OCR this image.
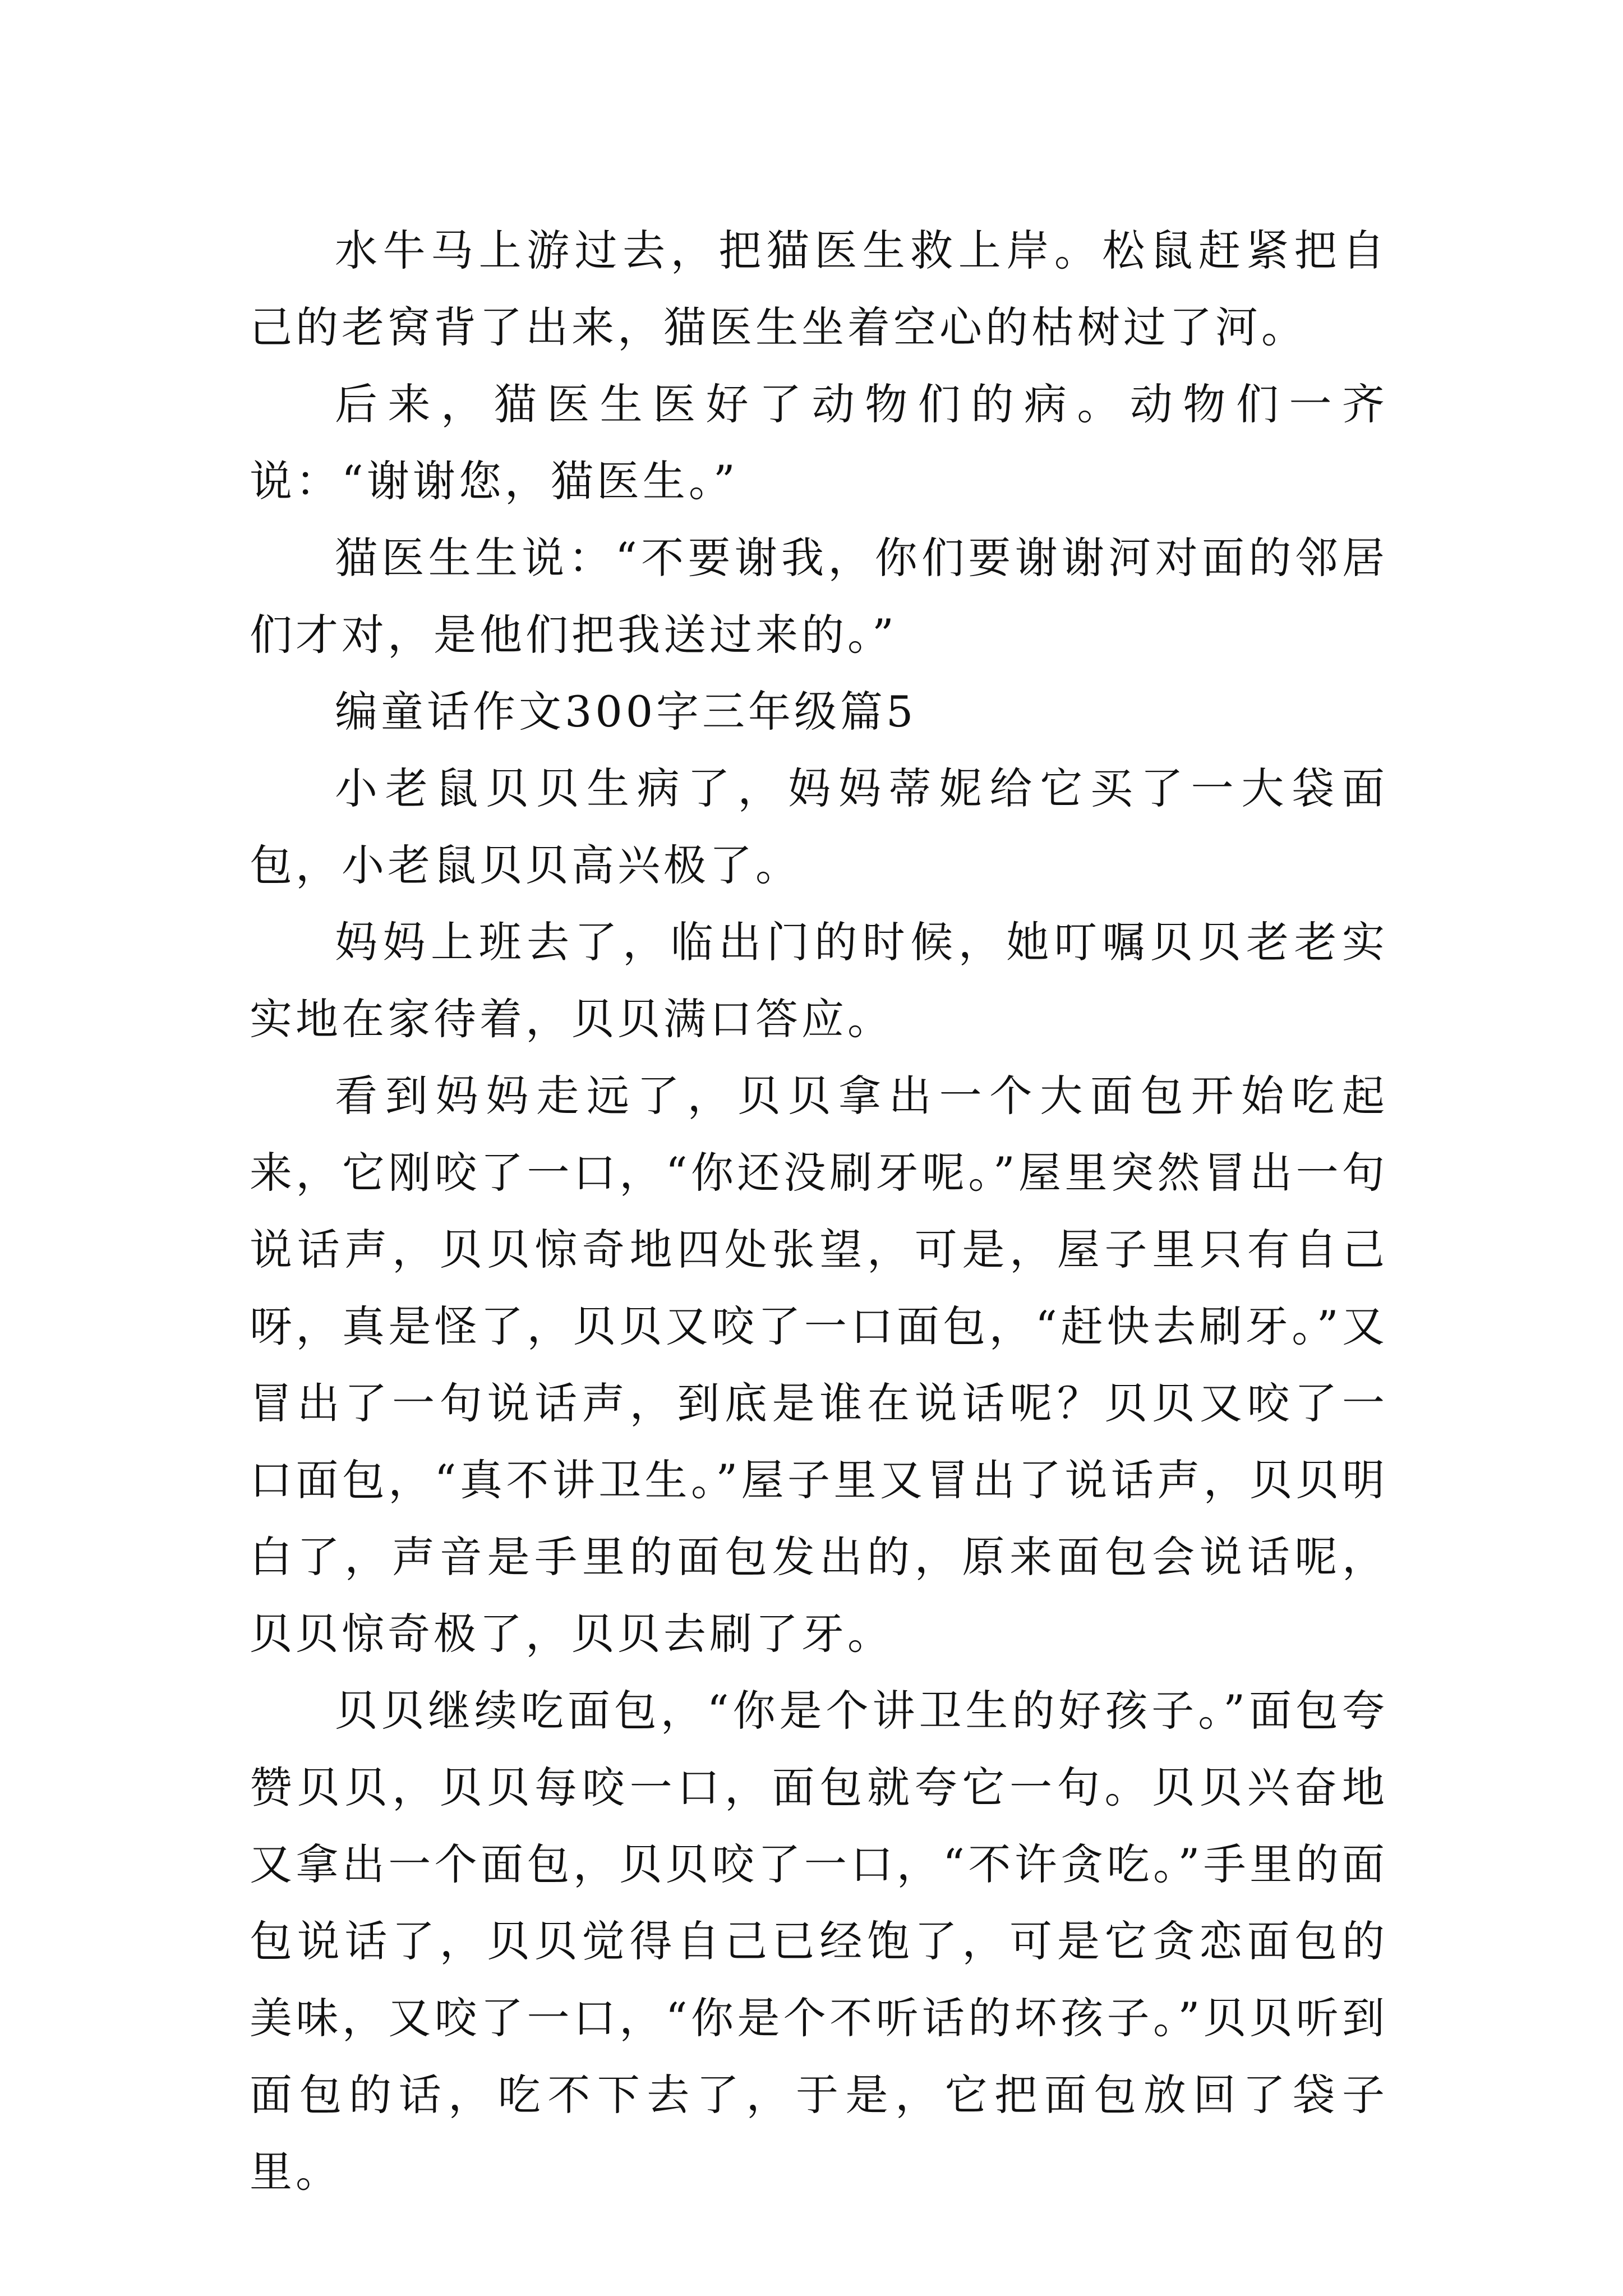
水牛马上游过去，把猫医生救上岸。松鼠赶紧把自己的老窝背了出来，猫医生坐着空心的枯树过了河。

后来，猫医生医好了动物们的病。动物们一齐说：“谢谢您，猫医生。”

猫医生生说：“不要谢我，你们要谢谢河对面的邻居们才对，是他们把我送过来的。”

编童话作文300字三年级篇5

小老鼠贝贝生病了，妈妈蒂妮给它买了一大袋面包，小老鼠贝贝高兴极了。

妈妈上班去了，临出门的时候，她叮嘱贝贝老老实实地在家待着，贝贝满口答应。

看到妈妈走远了，贝贝拿出一个大面包开始吃起来，它刚咬了一口，“你还没刷牙呢。”屋里突然冒出一句说话声，贝贝惊奇地四处张望，可是，屋子里只有自己呀，真是怪了，贝贝又咬了一口面包，“赶快去刷牙。”又冒出了一句说话声，到底是谁在说话呢？贝贝又咬了一口面包，“真不讲卫生。”屋子里又冒出了说话声，贝贝明白了，声音是手里的面包发出的，原来面包会说话呢，贝贝惊奇极了，贝贝去刷了牙。

贝贝继续吃面包，“你是个讲卫生的好孩子。”面包夸赞贝贝，贝贝每咬一口，面包就夸它一句。贝贝兴奋地又拿出一个面包，贝贝咬了一口，“不许贪吃。”手里的面包说话了，贝贝觉得自己已经饱了，可是它贪恋面包的美味，又咬了一口，“你是个不听话的坏孩子。”贝贝听到面包的话，吃不下去了，于是，它把面包放回了袋子里。
